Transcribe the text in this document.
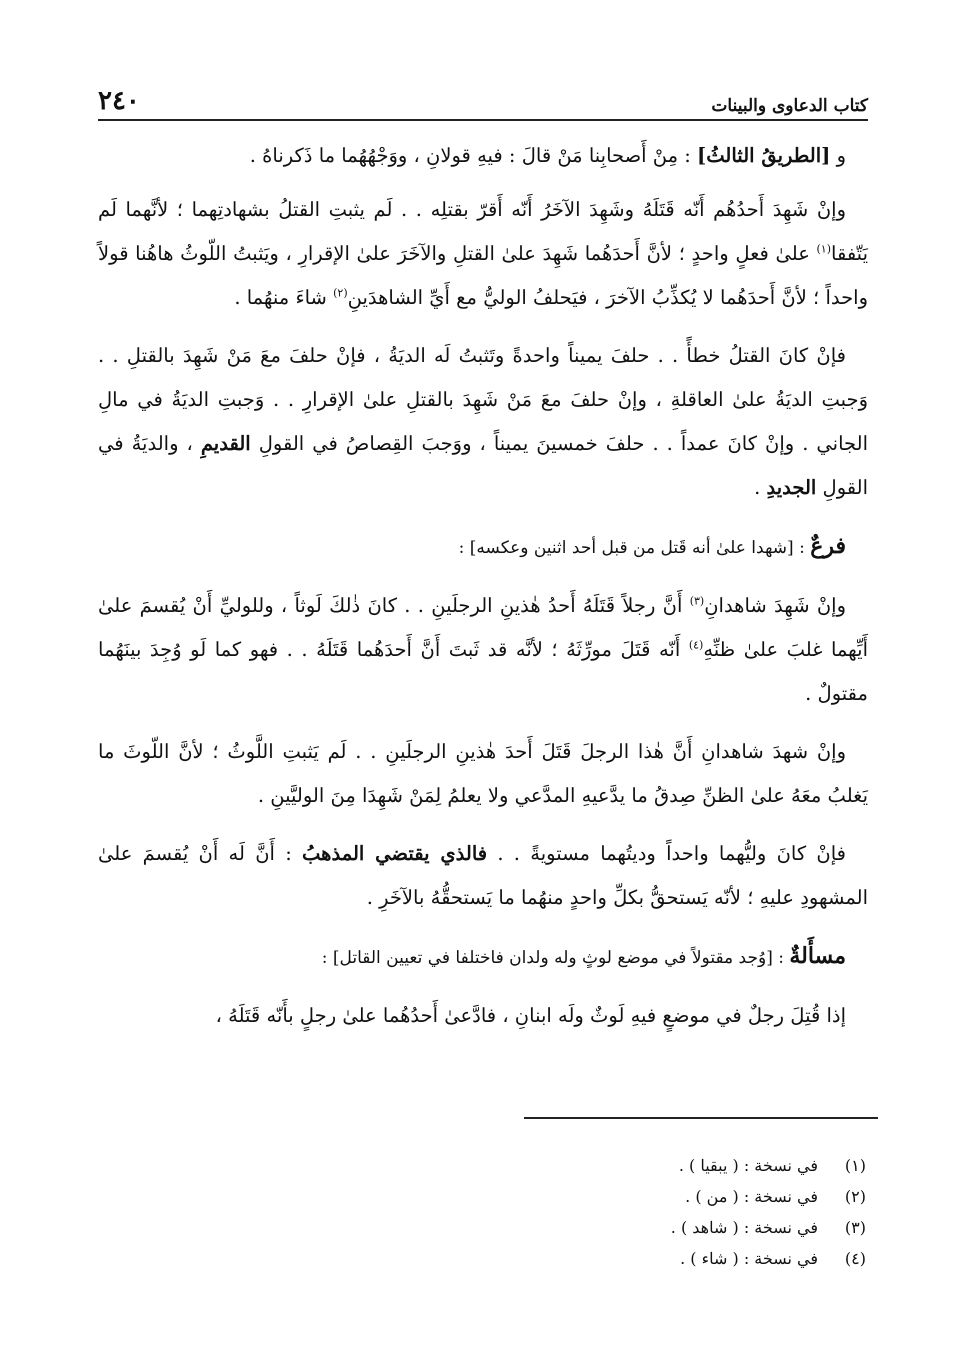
كتاب الدعاوى والبينات
٢٤٠

و [الطريقُ الثالثُ] : مِنْ أَصحابِنا مَنْ قالَ : فيهِ قولانِ ، ووَجْهُهُما ما ذَكرناهُ .

وإنْ شَهِدَ أَحدُهُم أَنّه قَتَلَهُ وشَهِدَ الآخَرُ أَنّه أَقرّ بقتلِه . . لَم يثبتِ القتلُ بشهادتِهما ؛ لأنَّهما لَم يَتّفقا$^{(١)}$ علىٰ فعلٍ واحدٍ ؛ لأنَّ أَحدَهُما شَهِدَ علىٰ القتلِ والآخَرَ علىٰ الإقرارِ ، ويَثبتُ اللّوثُ هاهُنا قولاً واحداً ؛ لأنَّ أَحدَهُما لا يُكذِّبُ الآخرَ ، فيَحلفُ الوليُّ مع أَيِّ الشاهدَينِ$^{(٢)}$ شاءَ منهُما .

فإنْ كانَ القتلُ خطأً . . حلفَ يميناً واحدةً وتَثبتُ لَه الديَةُ ، فإنْ حلفَ معَ مَنْ شَهِدَ بالقتلِ . . وَجبتِ الديَةُ علىٰ العاقلةِ ، وإنْ حلفَ معَ مَنْ شَهِدَ بالقتلِ علىٰ الإقرارِ . . وَجبتِ الديَةُ في مالِ الجاني . وإنْ كانَ عمداً . . حلفَ خمسينَ يميناً ، ووَجبَ القِصاصُ في القولِ القديمِ ، والديَةُ في القولِ الجديدِ .

فرعٌ : [شهدا علىٰ أنه قَتل من قبل أحد اثنين وعكسه] :

وإنْ شَهِدَ شاهدانِ$^{(٣)}$ أَنَّ رجلاً قَتَلَهُ أَحدُ هٰذينِ الرجلَينِ . . كانَ ذٰلكَ لَوثاً ، وللوليِّ أَنْ يُقسمَ علىٰ أَيِّهما غلبَ علىٰ ظنِّهِ$^{(٤)}$ أَنّه قَتَلَ مورِّثَهُ ؛ لأنَّه قد ثَبتَ أَنَّ أَحدَهُما قَتَلَهُ . . فهو كما لَو وُجِدَ بينَهُما مقتولٌ .

وإنْ شهدَ شاهدانِ أَنَّ هٰذا الرجلَ قَتَلَ أَحدَ هٰذينِ الرجلَينِ . . لَم يَثبتِ اللَّوثُ ؛ لأنَّ اللّوثَ ما يَغلبُ معَهُ علىٰ الظنِّ صِدقُ ما يدَّعيهِ المدَّعي ولا يعلمُ لِمَنْ شَهِدَا مِنَ الوليَّينِ .

فإنْ كانَ وليُّهما واحداً وديتُهما مستويةً . . فالذي يقتضي المذهبُ : أَنَّ لَه أَنْ يُقسمَ علىٰ المشهودِ عليهِ ؛ لأنّه يَستحقُّ بكلِّ واحدٍ منهُما ما يَستحقُّهُ بالآخَرِ .

مسأَلةٌ : [وُجد مقتولاً في موضع لوثٍ وله ولدان فاختلفا في تعيين القاتل] :

إذا قُتِلَ رجلٌ في موضعٍ فيهِ لَوثٌ ولَه ابنانِ ، فادَّعىٰ أَحدُهُما علىٰ رجلٍ بأَنّه قَتَلَهُ ،

(١)
في نسخة : ( يبقيا ) .
(٢)
في نسخة : ( من ) .
(٣)
في نسخة : ( شاهد ) .
(٤)
في نسخة : ( شاء ) .
